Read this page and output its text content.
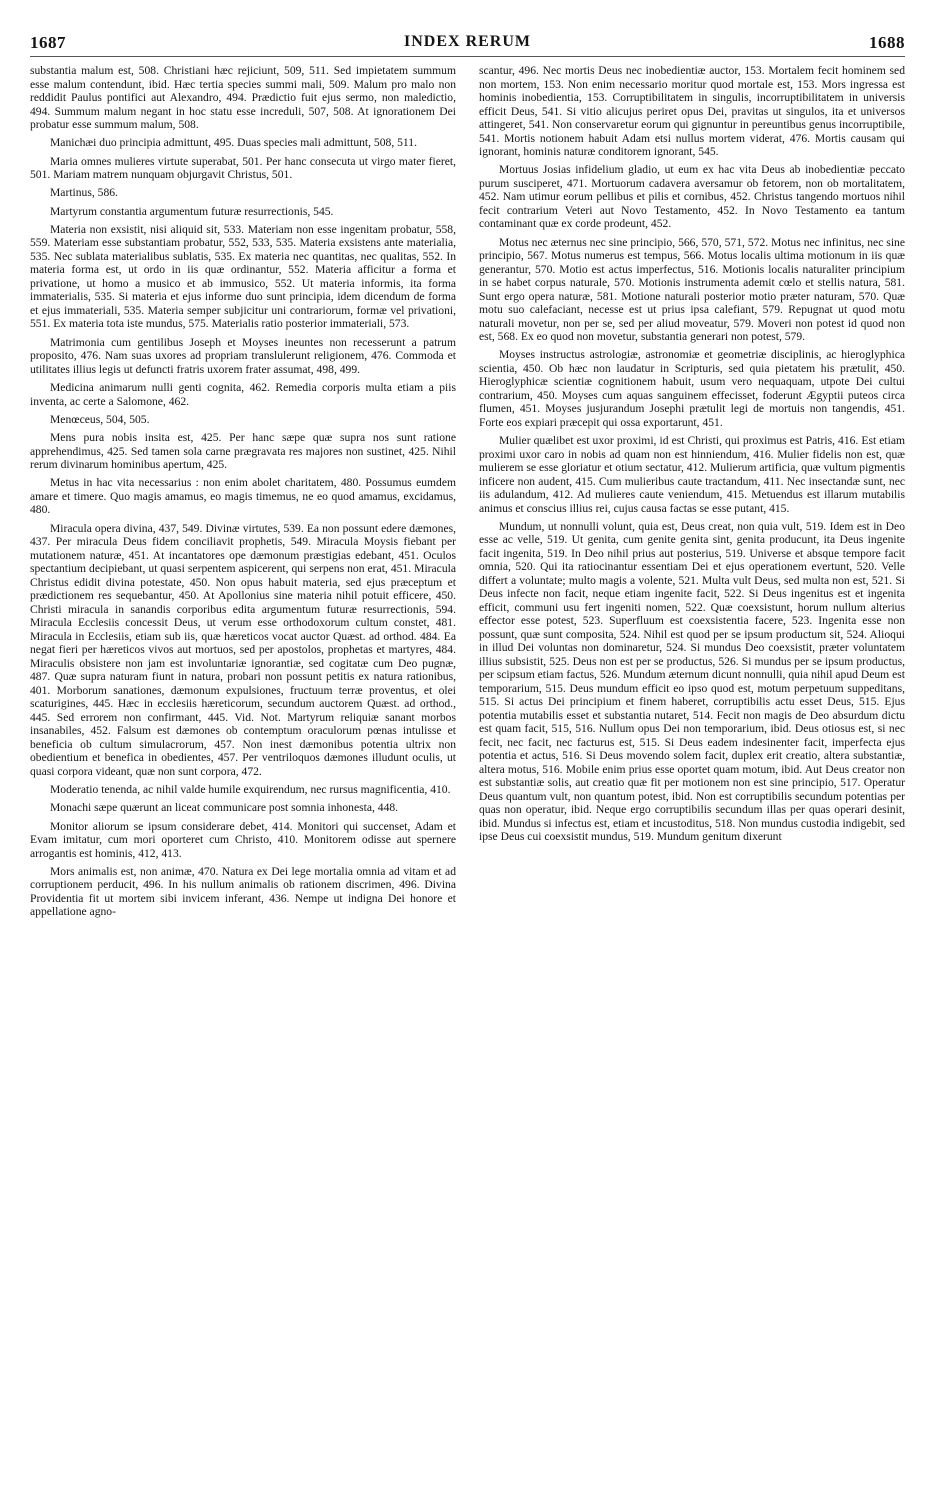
1687	INDEX RERUM	1688

substantia malum est, 508. Christiani hæc rejiciunt, 509, 511. Sed impietatem summum esse malum contendunt, ibid. Hæc tertia species summi mali, 509. Malum pro malo non reddidit Paulus pontifici aut Alexandro, 494. Prædictio fuit ejus sermo, non maledictio, 494. Summum malum negant in hoc statu esse increduli, 507, 508. At ignorationem Dei probatur esse summum malum, 508.

Manichæi duo principia admittunt, 495. Duas species mali admittunt, 508, 511.

Maria omnes mulieres virtute superabat, 501. Per hanc consecuta ut virgo mater fieret, 501. Mariam matrem nunquam objurgavit Christus, 501.

Martinus, 586.

Martyrum constantia argumentum futuræ resurrectionis, 545.

Materia non exsistit, nisi aliquid sit, 533. Materiam non esse ingenitam probatur, 558, 559. Materiam esse substantiam probatur, 552, 533, 535. Materia exsistens ante materialia, 535. Nec sublata materialibus sublatis, 535. Ex materia nec quantitas, nec qualitas, 552. In materia forma est, ut ordo in iis quæ ordinantur, 552. Materia afficitur a forma et privatione, ut homo a musico et ab immusico, 552. Ut materia informis, ita forma immaterialis, 535. Si materia et ejus informe duo sunt principia, idem dicendum de forma et ejus immateriali, 535. Materia semper subjicitur uni contrariorum, formæ vel privationi, 551. Ex materia tota iste mundus, 575. Materialis ratio posterior immateriali, 573.

Matrimonia cum gentilibus Joseph et Moyses ineuntes non recesserunt a patrum proposito, 476. Nam suas uxores ad propriam translulerunt religionem, 476. Commoda et utilitates illius legis ut defuncti fratris uxorem frater assumat, 498, 499.

Medicina animarum nulli genti cognita, 462. Remedia corporis multa etiam a piis inventa, ac certe a Salomone, 462.

Menœceus, 504, 505.

Mens pura nobis insita est, 425. Per hanc sæpe quæ supra nos sunt ratione apprehendimus, 425. Sed tamen sola carne prægravata res majores non sustinet, 425. Nihil rerum divinarum hominibus apertum, 425.

Metus in hac vita necessarius : non enim abolet charitatem, 480. Possumus eumdem amare et timere. Quo magis amamus, eo magis timemus, ne eo quod amamus, excidamus, 480.

Miracula opera divina, 437, 549. Divinæ virtutes, 539. Ea non possunt edere dæmones, 437. Per miracula Deus fidem conciliavit prophetis, 549. Miracula Moysis fiebant per mutationem naturæ, 451. At incantatores ope dæmonum præstigias edebant, 451. Oculos spectantium decipiebant, ut quasi serpentem aspicerent, qui serpens non erat, 451. Miracula Christus edidit divina potestate, 450. Non opus habuit materia, sed ejus præceptum et prædictionem res sequebantur, 450. At Apollonius sine materia nihil potuit efficere, 450. Christi miracula in sanandis corporibus edita argumentum futuræ resurrectionis, 594. Miracula Ecclesiis concessit Deus, ut verum esse orthodoxorum cultum constet, 481. Miracula in Ecclesiis, etiam sub iis, quæ hæreticos vocat auctor Quæst. ad orthod. 484. Ea negat fieri per hæreticos vivos aut mortuos, sed per apostolos, prophetas et martyres, 484. Miraculis obsistere non jam est involuntariæ ignorantiæ, sed cogitatæ cum Deo pugnæ, 487. Quæ supra naturam fiunt in natura, probari non possunt petitis ex natura rationibus, 401. Morborum sanationes, dæmonum expulsiones, fructuum terræ proventus, et olei scaturigines, 445. Hæc in ecclesiis hæreticorum, secundum auctorem Quæst. ad orthod., 445. Sed errorem non confirmant, 445. Vid. Not. Martyrum reliquiæ sanant morbos insanabiles, 452. Falsum est dæmones ob contemptum oraculorum pœnas intulisse et beneficia ob cultum simulacrorum, 457. Non inest dæmonibus potentia ultrix non obedientium et benefica in obedientes, 457. Per ventriloquos dæmones illudunt oculis, ut quasi corpora videant, quæ non sunt corpora, 472.

Moderatio tenenda, ac nihil valde humile exquirendum, nec rursus magnificentia, 410.

Monachi sæpe quærunt an liceat communicare post somnia inhonesta, 448.

Monitor aliorum se ipsum considerare debet, 414. Monitori qui succenset, Adam et Evam imitatur, cum mori oporteret cum Christo, 410. Monitorem odisse aut spernere arrogantis est hominis, 412, 413.

Mors animalis est, non animæ, 470. Natura ex Dei lege mortalia omnia ad vitam et ad corruptionem perducit, 496. In his nullum animalis ob rationem discrimen, 496. Divina Providentia fit ut mortem sibi invicem inferant, 436. Nempe ut indigna Dei honore et appellatione agno-

scantur, 496. Nec mortis Deus nec inobedientiæ auctor, 153. Mortalem fecit hominem sed non mortem, 153. Non enim necessario moritur quod mortale est, 153. Mors ingressa est hominis inobedientia, 153. Corruptibilitatem in singulis, incorruptibilitatem in universis efficit Deus, 541. Si vitio alicujus periret opus Dei, pravitas ut singulos, ita et universos attingeret, 541. Non conservaretur eorum qui gignuntur in pereuntibus genus incorruptibile, 541. Mortis notionem habuit Adam etsi nullus mortem viderat, 476. Mortis causam qui ignorant, hominis naturæ conditorem ignorant, 545.

Mortuus Josias infidelium gladio, ut eum ex hac vita Deus ab inobedientiæ peccato purum susciperet, 471. Mortuorum cadavera aversamur ob fetorem, non ob mortalitatem, 452. Nam utimur eorum pellibus et pilis et cornibus, 452. Christus tangendo mortuos nihil fecit contrarium Veteri aut Novo Testamento, 452. In Novo Testamento ea tantum contaminant quæ ex corde prodeunt, 452.

Motus nec æternus nec sine principio, 566, 570, 571, 572. Motus nec infinitus, nec sine principio, 567. Motus numerus est tempus, 566. Motus localis ultima motionum in iis quæ generantur, 570. Motio est actus imperfectus, 516. Motionis localis naturaliter principium in se habet corpus naturale, 570. Motionis instrumenta ademit cœlo et stellis natura, 581. Sunt ergo opera naturæ, 581. Motione naturali posterior motio præter naturam, 570. Quæ motu suo calefaciant, necesse est ut prius ipsa calefiant, 579. Repugnat ut quod motu naturali movetur, non per se, sed per aliud moveatur, 579. Moveri non potest id quod non est, 568. Ex eo quod non movetur, substantia generari non potest, 579.

Moyses instructus astrologiæ, astronomiæ et geometriæ disciplinis, ac hieroglyphica scientia, 450. Ob hæc non laudatur in Scripturis, sed quia pietatem his prætulit, 450. Hieroglyphicæ scientiæ cognitionem habuit, usum vero nequaquam, utpote Dei cultui contrarium, 450. Moyses cum aquas sanguinem effecisset, foderunt Ægyptii puteos circa flumen, 451. Moyses jusjurandum Josephi prætulit legi de mortuis non tangendis, 451. Forte eos expiari præcepit qui ossa exportarunt, 451.

Mulier quælibet est uxor proximi, id est Christi, qui proximus est Patris, 416. Est etiam proximi uxor caro in nobis ad quam non est hinniendum, 416. Mulier fidelis non est, quæ mulierem se esse gloriatur et otium sectatur, 412. Mulierum artificia, quæ vultum pigmentis inficere non audent, 415. Cum mulieribus caute tractandum, 411. Nec insectandæ sunt, nec iis adulandum, 412. Ad mulieres caute veniendum, 415. Metuendus est illarum mutabilis animus et conscius illius rei, cujus causa factas se esse putant, 415.

Mundum, ut nonnulli volunt, quia est, Deus creat, non quia vult, 519. Idem est in Deo esse ac velle, 519. Ut genita, cum genite genita sint, genita producunt, ita Deus ingenite facit ingenita, 519. In Deo nihil prius aut posterius, 519. Universe et absque tempore facit omnia, 520. Qui ita ratiocinantur essentiam Dei et ejus operationem evertunt, 520. Velle differt a voluntate; multo magis a volente, 521. Multa vult Deus, sed multa non est, 521. Si Deus infecte non facit, neque etiam ingenite facit, 522. Si Deus ingenitus est et ingenita efficit, communi usu fert ingeniti nomen, 522. Quæ coexsistunt, horum nullum alterius effector esse potest, 523. Superfluum est coexsistentia facere, 523. Ingenita esse non possunt, quæ sunt composita, 524. Nihil est quod per se ipsum productum sit, 524. Alioqui in illud Dei voluntas non dominaretur, 524. Si mundus Deo coexsistit, præter voluntatem illius subsistit, 525. Deus non est per se productus, 526. Si mundus per se ipsum productus, per scipsum etiam factus, 526. Mundum æternum dicunt nonnulli, quia nihil apud Deum est temporarium, 515. Deus mundum efficit eo ipso quod est, motum perpetuum suppeditans, 515. Si actus Dei principium et finem haberet, corruptibilis actu esset Deus, 515. Ejus potentia mutabilis esset et substantia nutaret, 514. Fecit non magis de Deo absurdum dictu est quam facit, 515, 516. Nullum opus Dei non temporarium, ibid. Deus otiosus est, si nec fecit, nec facit, nec facturus est, 515. Si Deus eadem indesinenter facit, imperfecta ejus potentia et actus, 516. Si Deus movendo solem facit, duplex erit creatio, altera substantiæ, altera motus, 516. Mobile enim prius esse oportet quam motum, ibid. Aut Deus creator non est substantiæ solis, aut creatio quæ fit per motionem non est sine principio, 517. Operatur Deus quantum vult, non quantum potest, ibid. Non est corruptibilis secundum potentias per quas non operatur, ibid. Neque ergo corruptibilis secundum illas per quas operari desinit, ibid. Mundus si infectus est, etiam et incustoditus, 518. Non mundus custodia indigebit, sed ipse Deus cui coexsistit mundus, 519. Mundum genitum dixerunt
